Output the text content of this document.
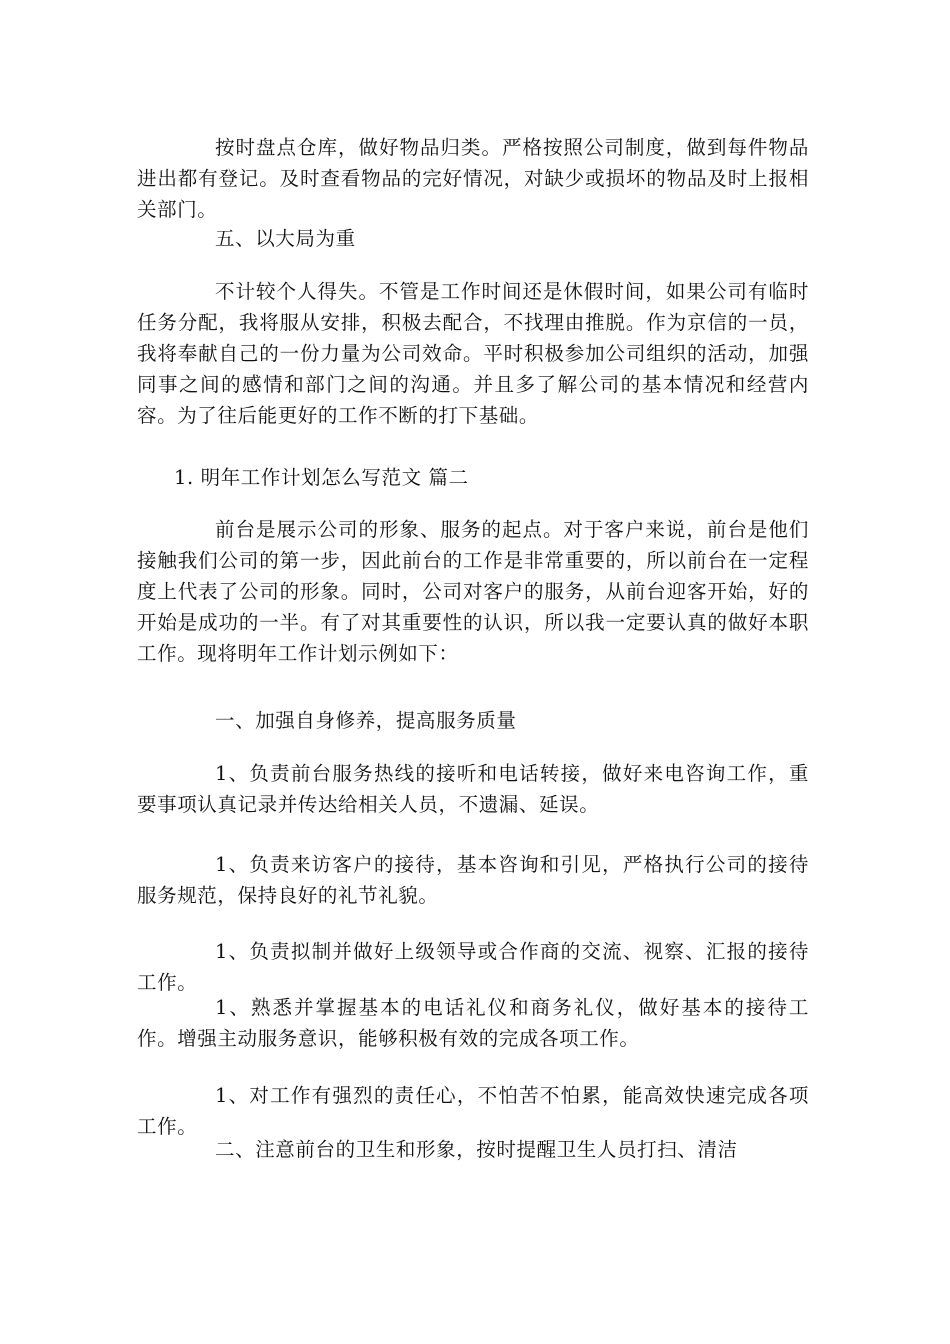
按时盘点仓库，做好物品归类。严格按照公司制度，做到每件物品进出都有登记。及时查看物品的完好情况，对缺少或损坏的物品及时上报相关部门。

五、以大局为重

不计较个人得失。不管是工作时间还是休假时间，如果公司有临时任务分配，我将服从安排，积极去配合，不找理由推脱。作为京信的一员，我将奉献自己的一份力量为公司效命。平时积极参加公司组织的活动，加强同事之间的感情和部门之间的沟通。并且多了解公司的基本情况和经营内容。为了往后能更好的工作不断的打下基础。

1. 明年工作计划怎么写范文 篇二

前台是展示公司的形象、服务的起点。对于客户来说，前台是他们接触我们公司的第一步，因此前台的工作是非常重要的，所以前台在一定程度上代表了公司的形象。同时，公司对客户的服务，从前台迎客开始，好的开始是成功的一半。有了对其重要性的认识，所以我一定要认真的做好本职工作。现将明年工作计划示例如下：

一、加强自身修养，提高服务质量

1、负责前台服务热线的接听和电话转接，做好来电咨询工作，重要事项认真记录并传达给相关人员，不遗漏、延误。

1、负责来访客户的接待，基本咨询和引见，严格执行公司的接待服务规范，保持良好的礼节礼貌。

1、负责拟制并做好上级领导或合作商的交流、视察、汇报的接待工作。

1、熟悉并掌握基本的电话礼仪和商务礼仪，做好基本的接待工作。增强主动服务意识，能够积极有效的完成各项工作。

1、对工作有强烈的责任心，不怕苦不怕累，能高效快速完成各项工作。

二、注意前台的卫生和形象，按时提醒卫生人员打扫、清洁
